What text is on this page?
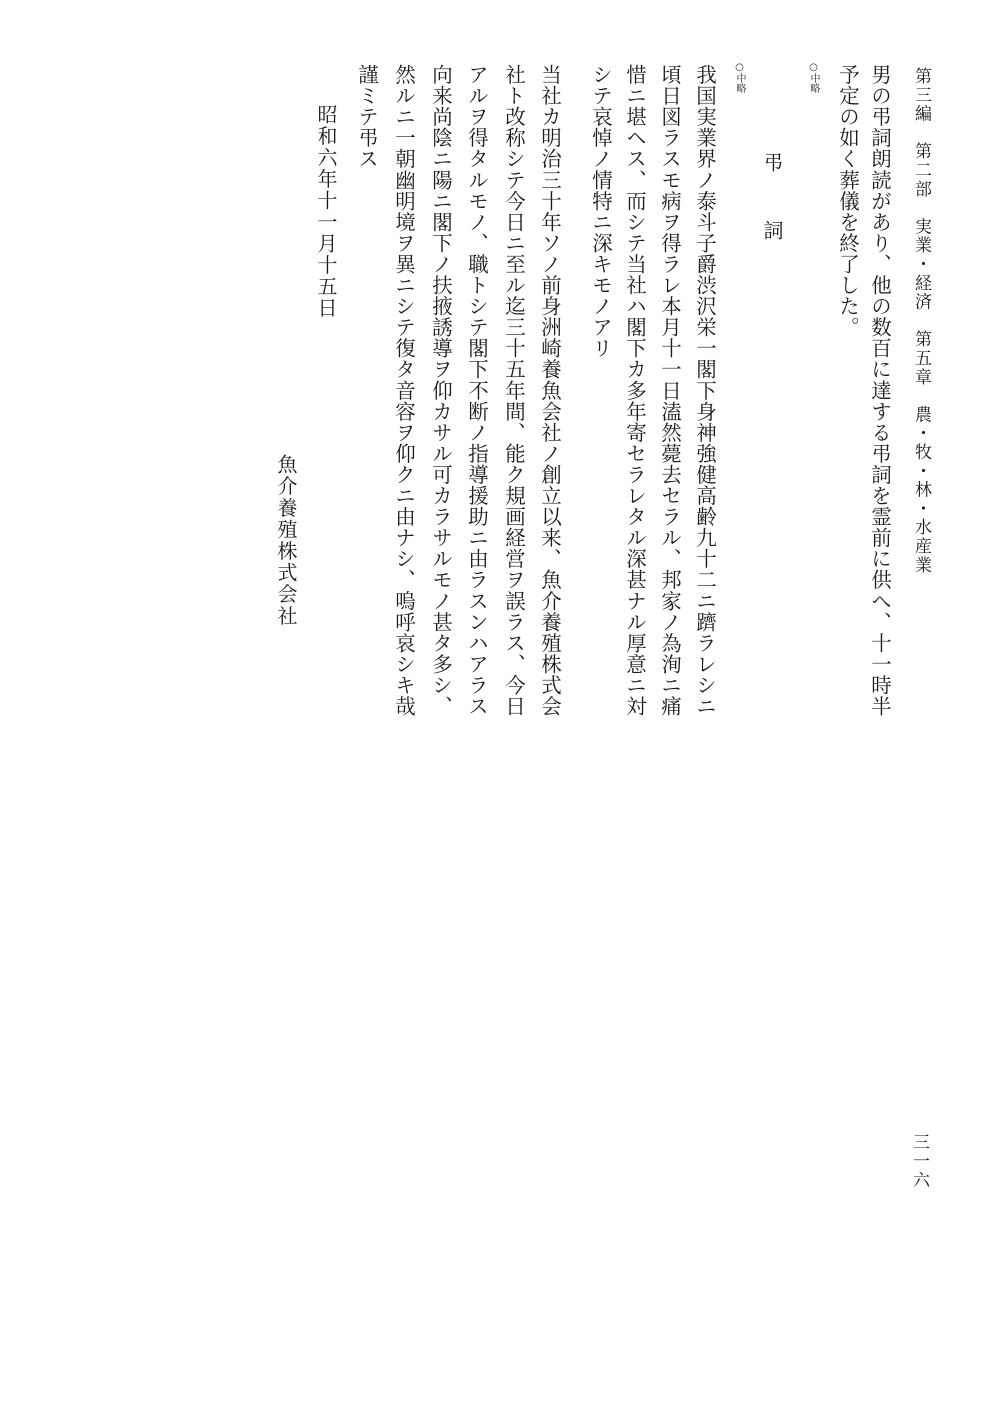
第三編　第二部　実業・経済　第五章　農・牧・林・水産業
男の弔詞朗読があり、他の数百に達する弔詞を霊前に供へ、十一時半
予定の如く葬儀を終了した。
○中略
弔　詞
○中略
我国実業界ノ泰斗子爵渋沢栄一閣下身神強健高齢九十二ニ躋ラレシニ
頃日図ラスモ病ヲ得ラレ本月十一日溘然薨去セラル、邦家ノ為洵ニ痛
惜ニ堪ヘス、而シテ当社ハ閣下カ多年寄セラレタル深甚ナル厚意ニ対
シテ哀悼ノ情特ニ深キモノアリ
当社カ明治三十年ソノ前身洲崎養魚会社ノ創立以来、魚介養殖株式会
社ト改称シテ今日ニ至ル迄三十五年間、能ク規画経営ヲ誤ラス、今日
アルヲ得タルモノ、職トシテ閣下不断ノ指導援助ニ由ラスンハアラス
向来尚陰ニ陽ニ閣下ノ扶掖誘導ヲ仰カサル可カラサルモノ甚タ多シ、
然ルニ一朝幽明境ヲ異ニシテ復タ音容ヲ仰クニ由ナシ、嗚呼哀シキ哉
謹ミテ弔ス
昭和六年十一月十五日
魚介養殖株式会社
三一六
